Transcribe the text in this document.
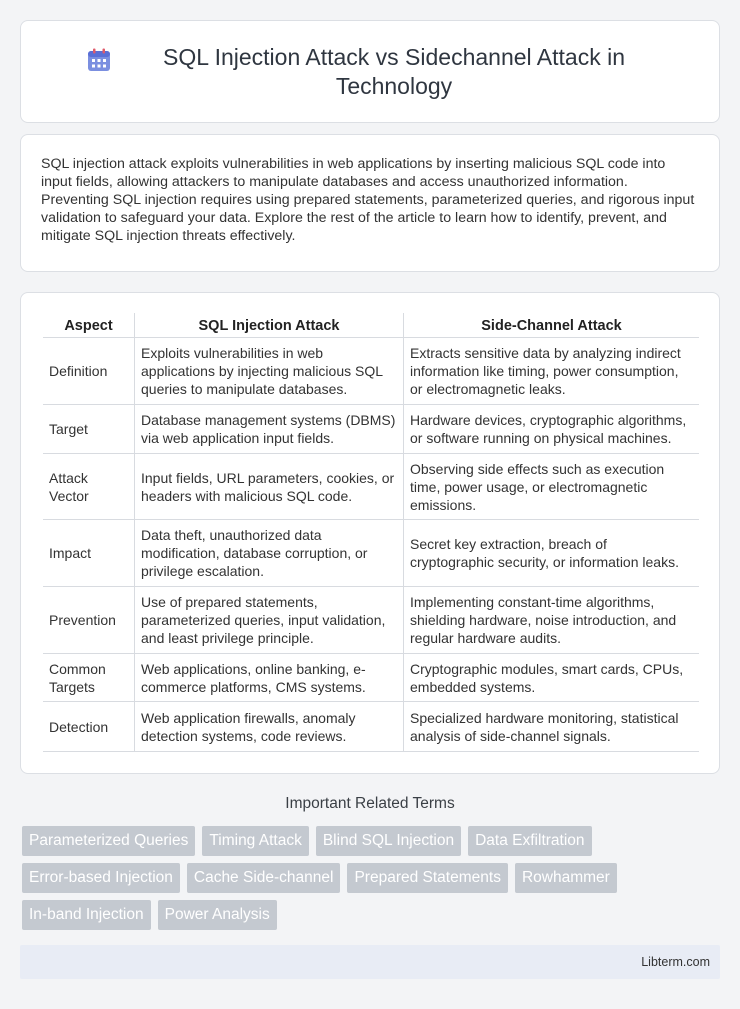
SQL Injection Attack vs Sidechannel Attack in Technology

SQL injection attack exploits vulnerabilities in web applications by inserting malicious SQL code into input fields, allowing attackers to manipulate databases and access unauthorized information. Preventing SQL injection requires using prepared statements, parameterized queries, and rigorous input validation to safeguard your data. Explore the rest of the article to learn how to identify, prevent, and mitigate SQL injection threats effectively.

Aspect	SQL Injection Attack	Side-Channel Attack
Definition	Exploits vulnerabilities in web applications by injecting malicious SQL queries to manipulate databases.	Extracts sensitive data by analyzing indirect information like timing, power consumption, or electromagnetic leaks.
Target	Database management systems (DBMS) via web application input fields.	Hardware devices, cryptographic algorithms, or software running on physical machines.
Attack Vector	Input fields, URL parameters, cookies, or headers with malicious SQL code.	Observing side effects such as execution time, power usage, or electromagnetic emissions.
Impact	Data theft, unauthorized data modification, database corruption, or privilege escalation.	Secret key extraction, breach of cryptographic security, or information leaks.
Prevention	Use of prepared statements, parameterized queries, input validation, and least privilege principle.	Implementing constant-time algorithms, shielding hardware, noise introduction, and regular hardware audits.
Common Targets	Web applications, online banking, e-commerce platforms, CMS systems.	Cryptographic modules, smart cards, CPUs, embedded systems.
Detection	Web application firewalls, anomaly detection systems, code reviews.	Specialized hardware monitoring, statistical analysis of side-channel signals.
Important Related Terms
Parameterized Queries	Timing Attack	Blind SQL Injection	Data Exfiltration
Error-based Injection	Cache Side-channel	Prepared Statements	Rowhammer
In-band Injection	Power Analysis
Libterm.com
